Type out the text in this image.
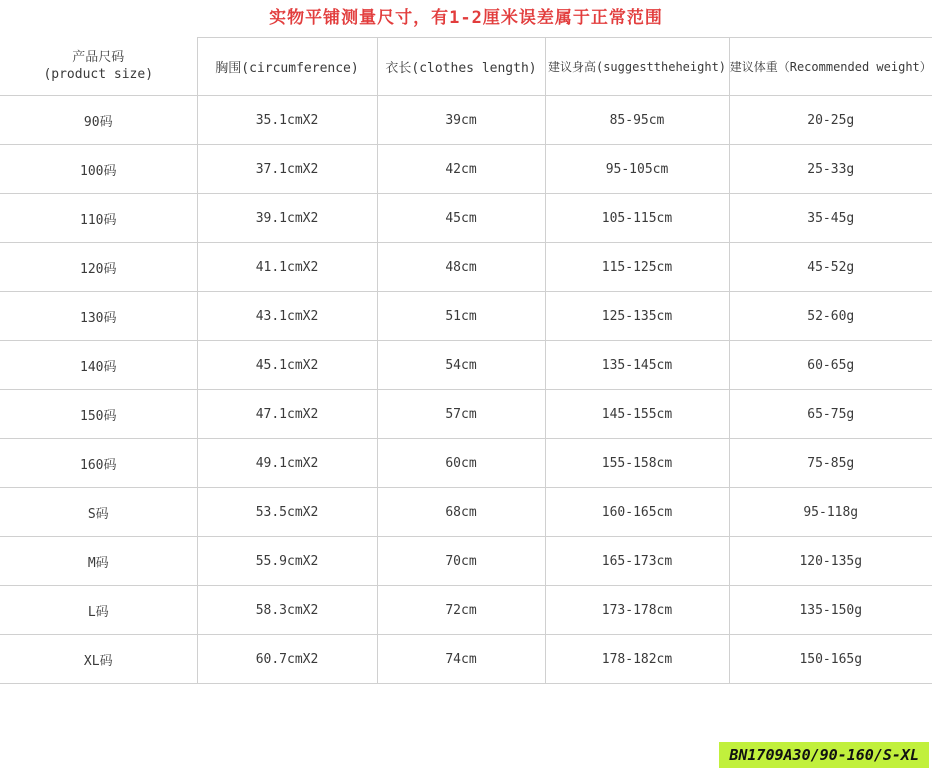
实物平铺测量尺寸，有1-2厘米误差属于正常范围
产品尺码
(product size)	胸围(circumference)	衣长(clothes length)	建议身高(suggesttheheight)	建议体重（Recommended weight）
90码	35.1cmX2	39cm	85-95cm	20-25g
100码	37.1cmX2	42cm	95-105cm	25-33g
110码	39.1cmX2	45cm	105-115cm	35-45g
120码	41.1cmX2	48cm	115-125cm	45-52g
130码	43.1cmX2	51cm	125-135cm	52-60g
140码	45.1cmX2	54cm	135-145cm	60-65g
150码	47.1cmX2	57cm	145-155cm	65-75g
160码	49.1cmX2	60cm	155-158cm	75-85g
S码	53.5cmX2	68cm	160-165cm	95-118g
M码	55.9cmX2	70cm	165-173cm	120-135g
L码	58.3cmX2	72cm	173-178cm	135-150g
XL码	60.7cmX2	74cm	178-182cm	150-165g
BN1709A30/90-160/S-XL
